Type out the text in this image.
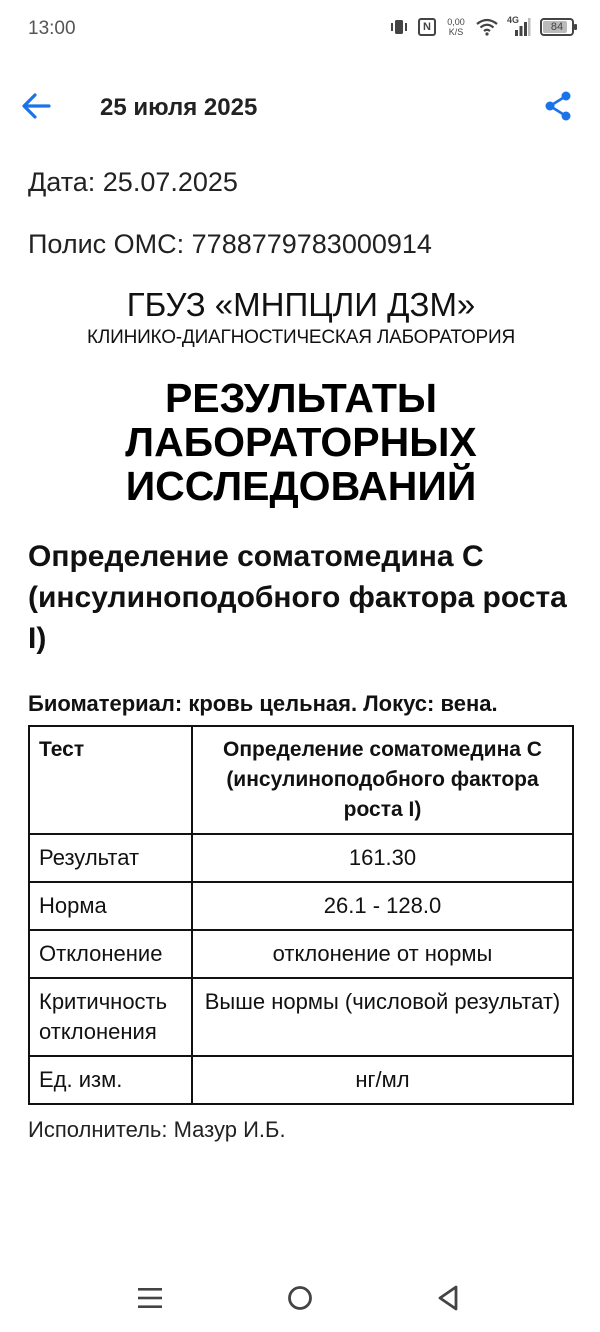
13:00	N	0,00
K/S
4G
84
25 июля 2025
Дата: 25.07.2025
Полис ОМС: 7788779783000914
ГБУЗ «МНПЦЛИ ДЗМ»
КЛИНИКО-ДИАГНОСТИЧЕСКАЯ ЛАБОРАТОРИЯ
РЕЗУЛЬТАТЫ
ЛАБОРАТОРНЫХ
ИССЛЕДОВАНИЙ
Определение соматомедина С (инсулиноподобного фактора роста I)
Биоматериал: кровь цельная. Локус: вена.
Тест	Определение соматомедина С (инсулиноподобного фактора роста I)
Результат	161.30
Норма	26.1 - 128.0
Отклонение	отклонение от нормы
Критичность отклонения	Выше нормы (числовой результат)
Ед. изм.	нг/мл
Исполнитель: Мазур И.Б.
